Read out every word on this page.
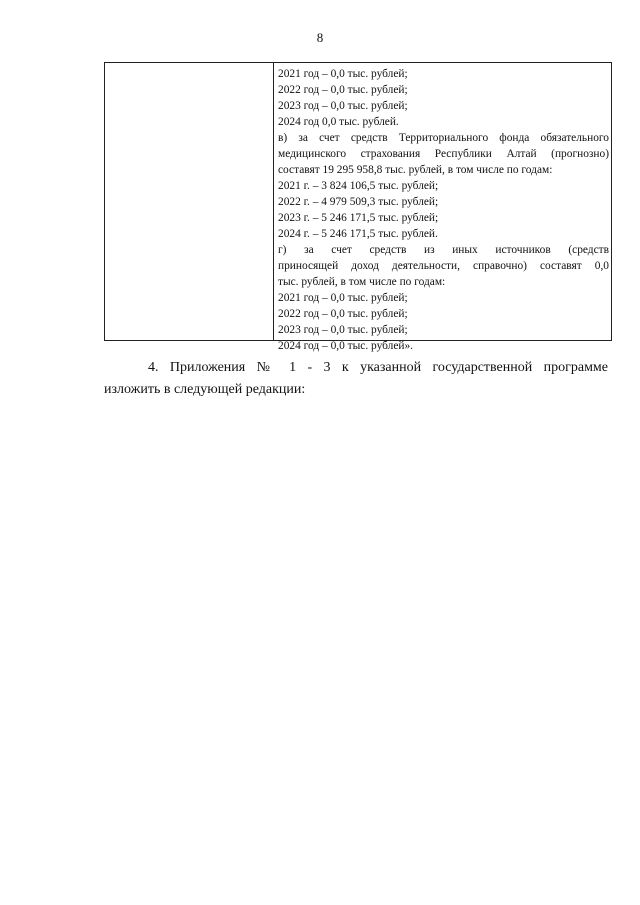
8
2021 год – 0,0 тыс. рублей;
2022 год – 0,0 тыс. рублей;
2023 год – 0,0 тыс. рублей;
2024 год 0,0 тыс. рублей.
в) за счет средств Территориального фонда обязательного
медицинского страхования Республики Алтай (прогнозно)
составят 19 295 958,8 тыс. рублей, в том числе по годам:
2021 г. – 3 824 106,5 тыс. рублей;
2022 г. – 4 979 509,3 тыс. рублей;
2023 г. – 5 246 171,5 тыс. рублей;
2024 г. – 5 246 171,5 тыс. рублей.
г) за счет средств из иных источников (средств
приносящей доход деятельности, справочно) составят 0,0
тыс. рублей, в том числе по годам:
2021 год – 0,0 тыс. рублей;
2022 год – 0,0 тыс. рублей;
2023 год – 0,0 тыс. рублей;
2024 год – 0,0 тыс. рублей».
4. Приложения № 1 - 3 к указанной государственной программе
изложить в следующей редакции:
